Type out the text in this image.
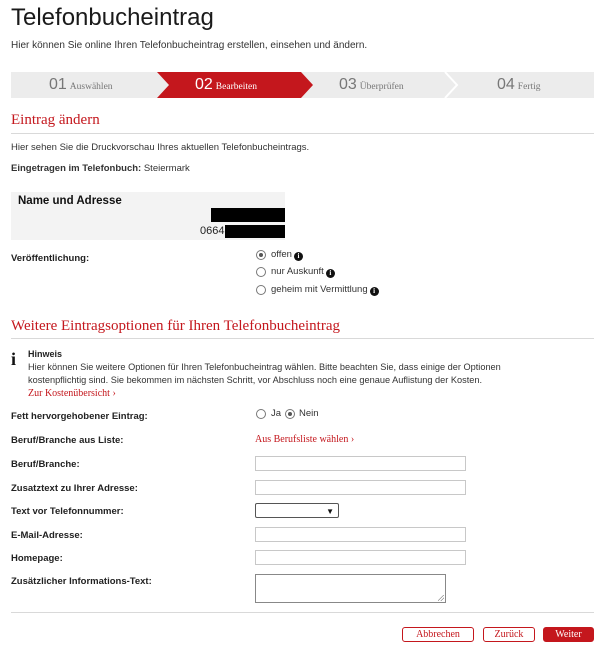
Telefonbucheintrag
Hier können Sie online Ihren Telefonbucheintrag erstellen, einsehen und ändern.
01 Auswählen	02 Bearbeiten	03 Überprüfen	04 Fertig
Eintrag ändern
Hier sehen Sie die Druckvorschau Ihres aktuellen Telefonbucheintrags.
Eingetragen im Telefonbuch: Steiermark
Name und Adresse
0664
Veröffentlichung:	offen i
nur Auskunft i
geheim mit Vermittlung i
Weitere Eintragsoptionen für Ihren Telefonbucheintrag
i Hinweis
Hier können Sie weitere Optionen für Ihren Telefonbucheintrag wählen. Bitte beachten Sie, dass einige der Optionen
kostenpflichtig sind. Sie bekommen im nächsten Schritt, vor Abschluss noch eine genaue Auflistung der Kosten.
Zur Kostenübersicht ›
Fett hervorgehobener Eintrag:	Ja Nein
Beruf/Branche aus Liste:	Aus Berufsliste wählen ›
Beruf/Branche:
Zusatztext zu Ihrer Adresse:
Text vor Telefonnummer:	▼
E-Mail-Adresse:
Homepage:
Zusätzlicher Informations-Text:
Abbrechen	Zurück	Weiter
